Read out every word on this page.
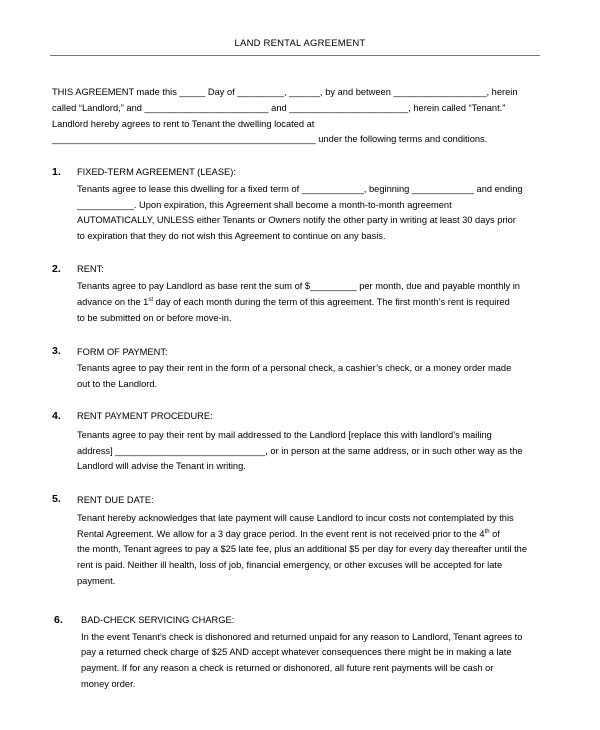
LAND RENTAL AGREEMENT
THIS AGREEMENT made this _____ Day of _________, ______, by and between __________________, herein
called “Landlord,” and ________________________ and _______________________, herein called “Tenant.”
Landlord hereby agrees to rent to Tenant the dwelling located at
___________________________________________________ under the following terms and conditions.
1. FIXED-TERM AGREEMENT (LEASE):
Tenants agree to lease this dwelling for a fixed term of ____________, beginning ____________ and ending
___________. Upon expiration, this Agreement shall become a month-to-month agreement
AUTOMATICALLY, UNLESS either Tenants or Owners notify the other party in writing at least 30 days prior
to expiration that they do not wish this Agreement to continue on any basis.
2. RENT:
Tenants agree to pay Landlord as base rent the sum of $_________ per month, due and payable monthly in
advance on the 1st day of each month during the term of this agreement. The first month’s rent is required
to be submitted on or before move-in.
3. FORM OF PAYMENT:
Tenants agree to pay their rent in the form of a personal check, a cashier’s check, or a money order made
out to the Landlord.
4. RENT PAYMENT PROCEDURE:
Tenants agree to pay their rent by mail addressed to the Landlord [replace this with landlord’s mailing
address] _____________________________, or in person at the same address, or in such other way as the
Landlord will advise the Tenant in writing.
5. RENT DUE DATE:
Tenant hereby acknowledges that late payment will cause Landlord to incur costs not contemplated by this
Rental Agreement. We allow for a 3 day grace period. In the event rent is not received prior to the 4th of
the month, Tenant agrees to pay a $25 late fee, plus an additional $5 per day for every day thereafter until the
rent is paid. Neither ill health, loss of job, financial emergency, or other excuses will be accepted for late
payment.
6. BAD-CHECK SERVICING CHARGE:
In the event Tenant’s check is dishonored and returned unpaid for any reason to Landlord, Tenant agrees to
pay a returned check charge of $25 AND accept whatever consequences there might be in making a late
payment. If for any reason a check is returned or dishonored, all future rent payments will be cash or
money order.
